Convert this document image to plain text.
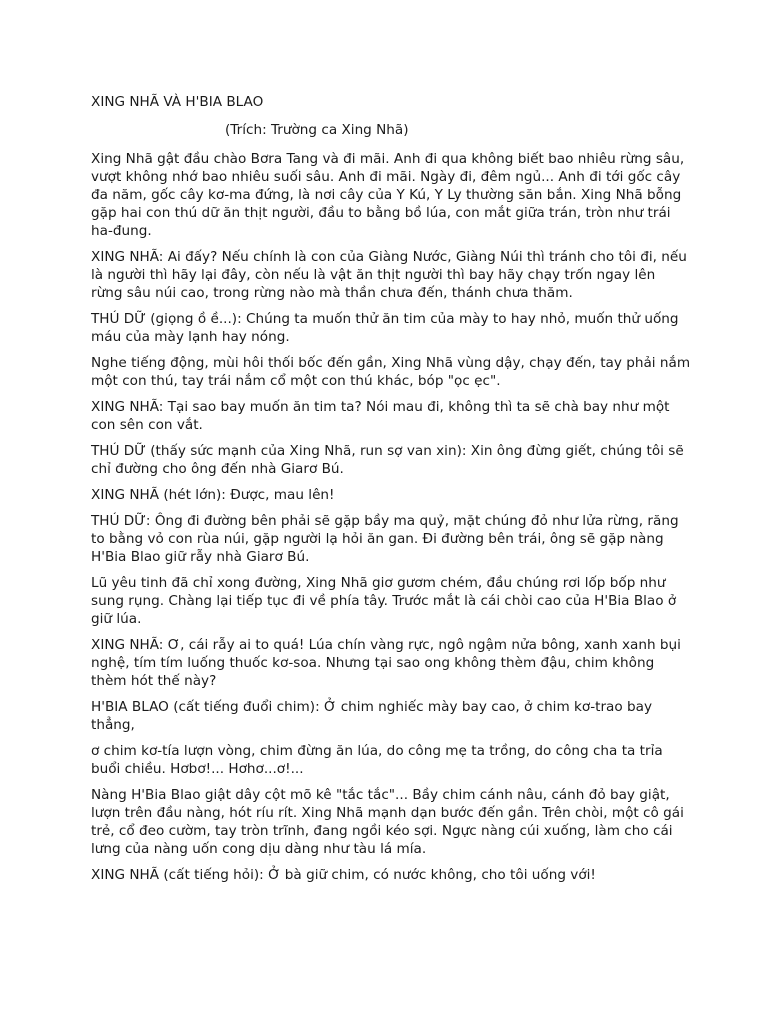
XING NHÃ VÀ H'BIA BLAO
(Trích: Trường ca Xing Nhã)
Xing Nhã gật đầu chào Bơra Tang và đi mãi. Anh đi qua không biết bao nhiêu rừng sâu, vượt không nhớ bao nhiêu suối sâu. Anh đi mãi. Ngày đi, đêm ngủ... Anh đi tới gốc cây đa năm, gốc cây kơ-ma đứng, là nơi cây của Y Kú, Y Ly thường săn bắn. Xing Nhã bỗng gặp hai con thú dữ ăn thịt người, đầu to bằng bồ lúa, con mắt giữa trán, tròn như trái ha-đung.
XING NHÃ: Ai đấy? Nếu chính là con của Giàng Nước, Giàng Núi thì tránh cho tôi đi, nếu là người thì hãy lại đây, còn nếu là vật ăn thịt người thì bay hãy chạy trốn ngay lên rừng sâu núi cao, trong rừng nào mà thần chưa đến, thánh chưa thăm.
THÚ DỮ (giọng ồ ề...): Chúng ta muốn thử ăn tim của mày to hay nhỏ, muốn thử uống máu của mày lạnh hay nóng.
Nghe tiếng động, mùi hôi thối bốc đến gần, Xing Nhã vùng dậy, chạy đến, tay phải nắm một con thú, tay trái nắm cổ một con thú khác, bóp "ọc ẹc".
XING NHÃ: Tại sao bay muốn ăn tim ta? Nói mau đi, không thì ta sẽ chà bay như một con sên con vắt.
THÚ DỮ (thấy sức mạnh của Xing Nhã, run sợ van xin): Xin ông đừng giết, chúng tôi sẽ chỉ đường cho ông đến nhà Giarơ Bú.
XING NHÃ (hét lớn): Được, mau lên!
THÚ DỮ: Ông đi đường bên phải sẽ gặp bầy ma quỷ, mặt chúng đỏ như lửa rừng, răng to bằng vỏ con rùa núi, gặp người lạ hỏi ăn gan. Đi đường bên trái, ông sẽ gặp nàng H'Bia Blao giữ rẫy nhà Giarơ Bú.
Lũ yêu tinh đã chỉ xong đường, Xing Nhã giơ gươm chém, đầu chúng rơi lốp bốp như sung rụng. Chàng lại tiếp tục đi về phía tây. Trước mắt là cái chòi cao của H'Bia Blao ở giữ lúa.
XING NHÃ: Ơ, cái rẫy ai to quá! Lúa chín vàng rực, ngô ngậm nửa bông, xanh xanh bụi nghệ, tím tím luống thuốc kơ-soa. Nhưng tại sao ong không thèm đậu, chim không thèm hót thế này?
H'BIA BLAO (cất tiếng đuổi chim): Ở chim nghiếc mày bay cao, ở chim kơ-trao bay thẳng,
ơ chim kơ-tía lượn vòng, chim đừng ăn lúa, do công mẹ ta trồng, do công cha ta trỉa buổi chiều. Hơbơ!... Hơhơ...ơ!...
Nàng H'Bia Blao giật dây cột mõ kê "tắc tắc"... Bầy chim cánh nâu, cánh đỏ bay giật, lượn trên đầu nàng, hót ríu rít. Xing Nhã mạnh dạn bước đến gần. Trên chòi, một cô gái trẻ, cổ đeo cườm, tay tròn trĩnh, đang ngồi kéo sợi. Ngực nàng cúi xuống, làm cho cái lưng của nàng uốn cong dịu dàng như tàu lá mía.
XING NHÃ (cất tiếng hỏi): Ở bà giữ chim, có nước không, cho tôi uống với!
